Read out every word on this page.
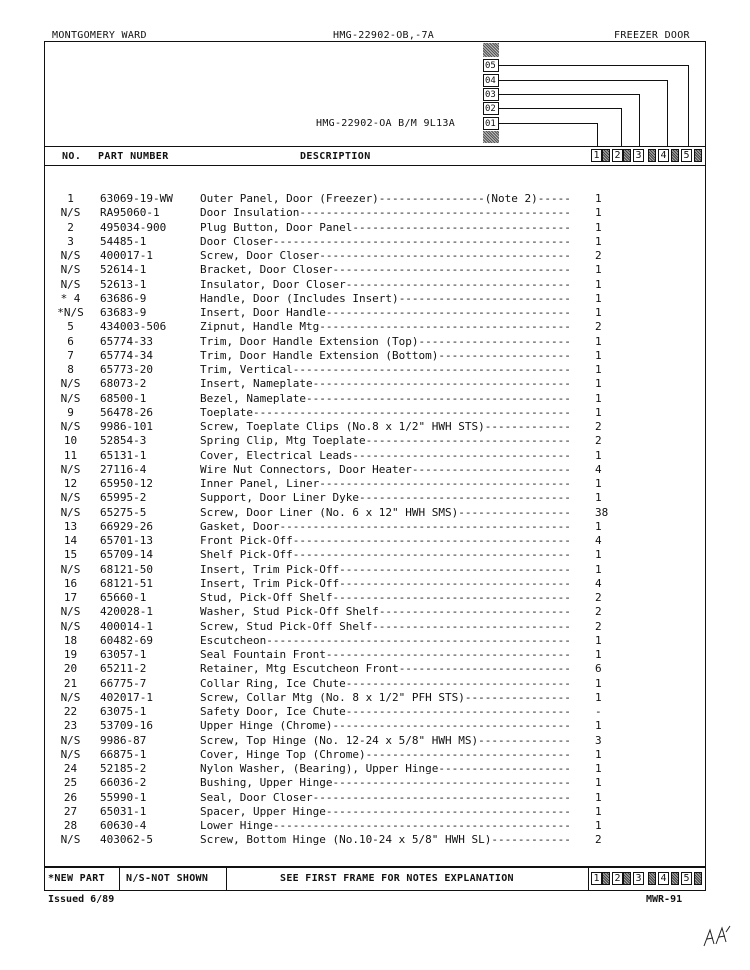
MONTGOMERY WARD	HMG-22902-OB,-7A	FREEZER DOOR
05
04
03
02
01
HMG-22902-OA B/M 9L13A
NO. PART NUMBER	DESCRIPTION	1 2 3 4 5
1	63069-19-WW Outer Panel, Door (Freezer)----------------(Note 2) -----	1
N/S	RA95060-1	Door Insulation -----	1
2	495034-900	Plug Button, Door Panel -----	1
3	54485-1	Door Closer -----	1
N/S	400017-1	Screw, Door Closer -----	2
N/S	52614-1	Bracket, Door Closer -----	1
N/S	52613-1	Insulator, Door Closer -----	1
* 4	63686-9	Handle, Door (Includes Insert) -----	1
*N/S	63683-9	Insert, Door Handle -----	1
5	434003-506	Zipnut, Handle Mtg -----	2
6	65774-33	Trim, Door Handle Extension (Top) -----	1
7	65774-34	Trim, Door Handle Extension (Bottom) -----	1
8	65773-20	Trim, Vertical -----	1
N/S	68073-2	Insert, Nameplate -----	1
N/S	68500-1	Bezel, Nameplate -----	1
9	56478-26	Toeplate -----	1
N/S	9986-101	Screw, Toeplate Clips (No.8 x 1/2" HWH STS) -----	2
10	52854-3	Spring Clip, Mtg Toeplate -----	2
11	65131-1	Cover, Electrical Leads -----	1
N/S	27116-4	Wire Nut Connectors, Door Heater -----	4
12	65950-12	Inner Panel, Liner -----	1
N/S	65995-2	Support, Door Liner Dyke -----	1
N/S	65275-5	Screw, Door Liner (No. 6 x 12" HWH SMS) -----	38
13	66929-26	Gasket, Door -----	1
14	65701-13	Front Pick-Off -----	4
15	65709-14	Shelf Pick-Off -----	1
N/S	68121-50	Insert, Trim Pick-Off -----	1
16	68121-51	Insert, Trim Pick-Off -----	4
17	65660-1	Stud, Pick-Off Shelf -----	2
N/S	420028-1	Washer, Stud Pick-Off Shelf -----	2
N/S	400014-1	Screw, Stud Pick-Off Shelf -----	2
18	60482-69	Escutcheon -----	1
19	63057-1	Seal Fountain Front -----	1
20	65211-2	Retainer, Mtg Escutcheon Front -----	6
21	66775-7	Collar Ring, Ice Chute -----	1
N/S	402017-1	Screw, Collar Mtg (No. 8 x 1/2" PFH STS) -----	1
22	63075-1	Safety Door, Ice Chute -----	-
23	53709-16	Upper Hinge (Chrome) -----	1
N/S	9986-87	Screw, Top Hinge (No. 12-24 x 5/8" HWH MS) -----	3
N/S	66875-1	Cover, Hinge Top (Chrome) -----	1
24	52185-2	Nylon Washer, (Bearing), Upper Hinge -----	1
25	66036-2	Bushing, Upper Hinge -----	1
26	55990-1	Seal, Door Closer -----	1
27	65031-1	Spacer, Upper Hinge -----	1
28	60630-4	Lower Hinge -----	1
N/S	403062-5	Screw, Bottom Hinge (No.10-24 x 5/8" HWH SL) -----	2
*NEW PART N/S-NOT SHOWN	SEE FIRST FRAME FOR NOTES EXPLANATION	1 2 3 4 5
Issued 6/89	MWR-91
